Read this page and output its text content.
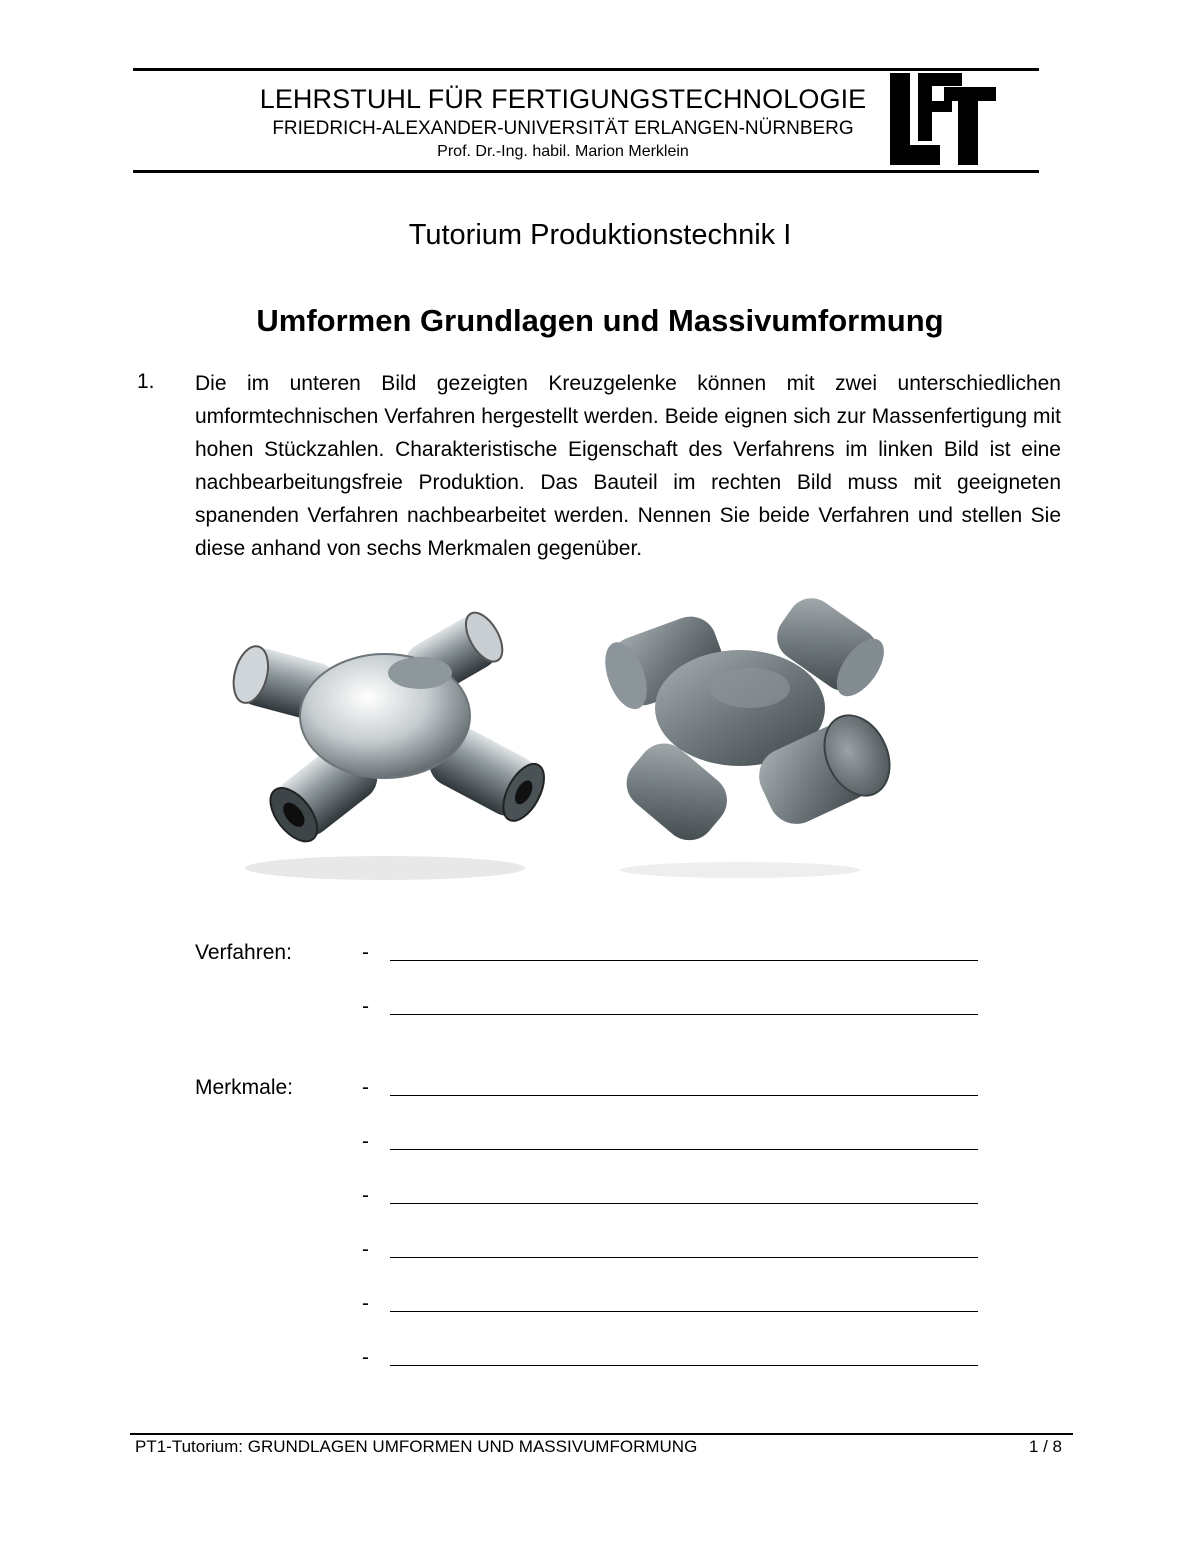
LEHRSTUHL FÜR FERTIGUNGSTECHNOLOGIE
FRIEDRICH-ALEXANDER-UNIVERSITÄT ERLANGEN-NÜRNBERG
Prof. Dr.-Ing. habil. Marion Merklein
Tutorium Produktionstechnik I
Umformen Grundlagen und Massivumformung
1. Die im unteren Bild gezeigten Kreuzgelenke können mit zwei unterschiedlichen umformtechnischen Verfahren hergestellt werden. Beide eignen sich zur Massenfertigung mit hohen Stückzahlen. Charakteristische Eigenschaft des Verfahrens im linken Bild ist eine nachbearbeitungsfreie Produktion. Das Bauteil im rechten Bild muss mit geeigneten spanenden Verfahren nachbearbeitet werden. Nennen Sie beide Verfahren und stellen Sie diese anhand von sechs Merkmalen gegenüber.
Verfahren:	-
-
Merkmale:	-
-
-
-
-
-
PT1-Tutorium: GRUNDLAGEN UMFORMEN UND MASSIVUMFORMUNG	1 / 8
